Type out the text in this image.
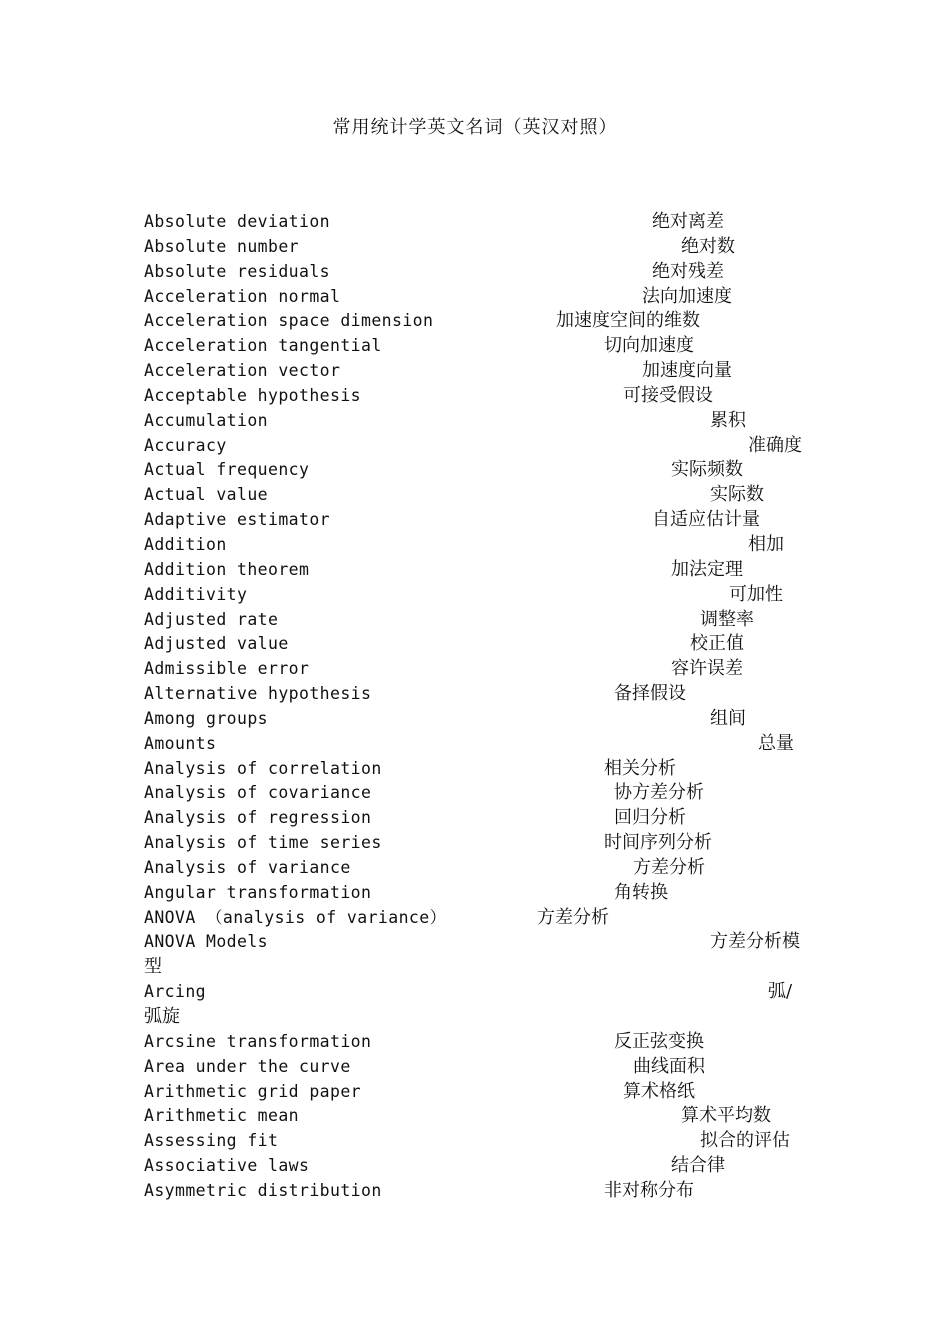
常用统计学英文名词（英汉对照）
Absolute deviation	绝对离差
Absolute number	绝对数
Absolute residuals	绝对残差
Acceleration normal	法向加速度
Acceleration space dimension	加速度空间的维数
Acceleration tangential	切向加速度
Acceleration vector	加速度向量
Acceptable hypothesis	可接受假设
Accumulation	累积
Accuracy	准确度
Actual frequency	实际频数
Actual value	实际数
Adaptive estimator	自适应估计量
Addition	相加
Addition theorem	加法定理
Additivity	可加性
Adjusted rate	调整率
Adjusted value	校正值
Admissible error	容许误差
Alternative hypothesis	备择假设
Among groups	组间
Amounts	总量
Analysis of correlation	相关分析
Analysis of covariance	协方差分析
Analysis of regression	回归分析
Analysis of time series	时间序列分析
Analysis of variance	方差分析
Angular transformation	角转换
ANOVA （analysis of variance）	方差分析
ANOVA Models	方差分析模
型
Arcing	弧/
弧旋
Arcsine transformation	反正弦变换
Area under the curve	曲线面积
Arithmetic grid paper	算术格纸
Arithmetic mean	算术平均数
Assessing fit	拟合的评估
Associative laws	结合律
Asymmetric distribution	非对称分布
